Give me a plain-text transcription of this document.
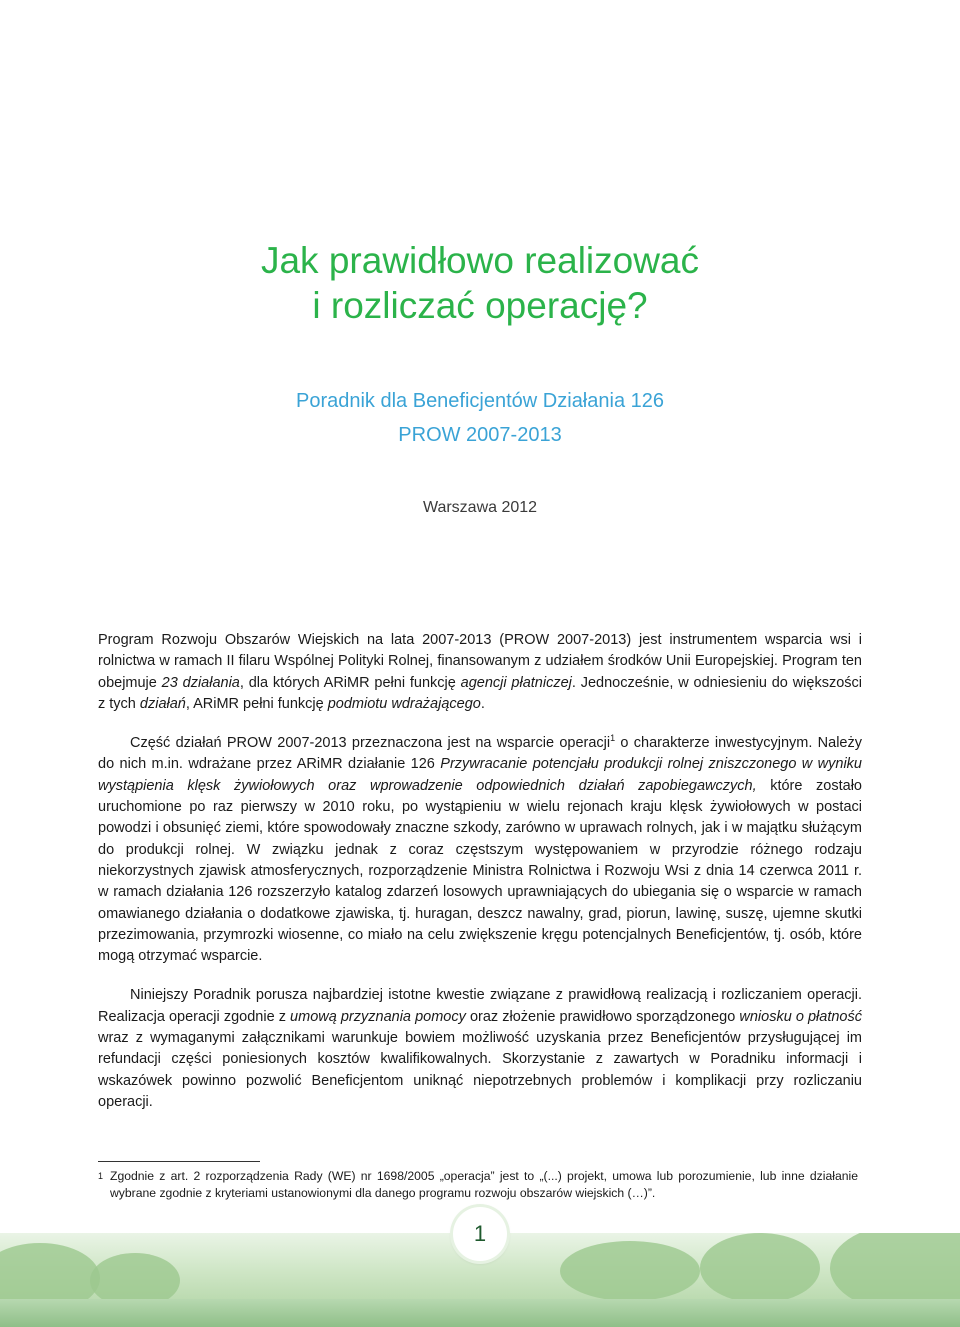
Jak prawidłowo realizować
i rozliczać operację?
Poradnik dla Beneficjentów Działania 126
PROW 2007-2013
Warszawa 2012

Program Rozwoju Obszarów Wiejskich na lata 2007-2013 (PROW 2007-2013) jest instrumentem wsparcia wsi i rolnictwa w ramach II filaru Wspólnej Polityki Rolnej, finansowanym z udziałem środków Unii Europejskiej. Program ten obejmuje 23 działania, dla których ARiMR pełni funkcję agencji płatniczej. Jednocześnie, w odniesieniu do większości z tych działań, ARiMR pełni funkcję podmiotu wdrażającego.

Część działań PROW 2007-2013 przeznaczona jest na wsparcie operacji$^1$ o charakterze inwestycyjnym. Należy do nich m.in. wdrażane przez ARiMR działanie 126 Przywracanie potencjału produkcji rolnej zniszczonego w wyniku wystąpienia klęsk żywiołowych oraz wprowadzenie odpowiednich działań zapobiegawczych, które zostało uruchomione po raz pierwszy w 2010 roku, po wystąpieniu w wielu rejonach kraju klęsk żywiołowych w postaci powodzi i obsunięć ziemi, które spowodowały znaczne szkody, zarówno w uprawach rolnych, jak i w majątku służącym do produkcji rolnej. W związku jednak z coraz częstszym występowaniem w przyrodzie różnego rodzaju niekorzystnych zjawisk atmosferycznych, rozporządzenie Ministra Rolnictwa i Rozwoju Wsi z dnia 14 czerwca 2011 r. w ramach działania 126 rozszerzyło katalog zdarzeń losowych uprawniających do ubiegania się o wsparcie w ramach omawianego działania o dodatkowe zjawiska, tj. huragan, deszcz nawalny, grad, piorun, lawinę, suszę, ujemne skutki przezimowania, przymrozki wiosenne, co miało na celu zwiększenie kręgu potencjalnych Beneficjentów, tj. osób, które mogą otrzymać wsparcie.

Niniejszy Poradnik porusza najbardziej istotne kwestie związane z prawidłową realizacją i rozliczaniem operacji. Realizacja operacji zgodnie z umową przyznania pomocy oraz złożenie prawidłowo sporządzonego wniosku o płatność wraz z wymaganymi załącznikami warunkuje bowiem możliwość uzyskania przez Beneficjentów przysługującej im refundacji części poniesionych kosztów kwalifikowalnych. Skorzystanie z zawartych w Poradniku informacji i wskazówek powinno pozwolić Beneficjentom uniknąć niepotrzebnych problemów i komplikacji przy rozliczaniu operacji.

1 Zgodnie z art. 2 rozporządzenia Rady (WE) nr 1698/2005 „operacja” jest to „(...) projekt, umowa lub porozumienie, lub inne działanie wybrane zgodnie z kryteriami ustanowionymi dla danego programu rozwoju obszarów wiejskich (…)”.
1
